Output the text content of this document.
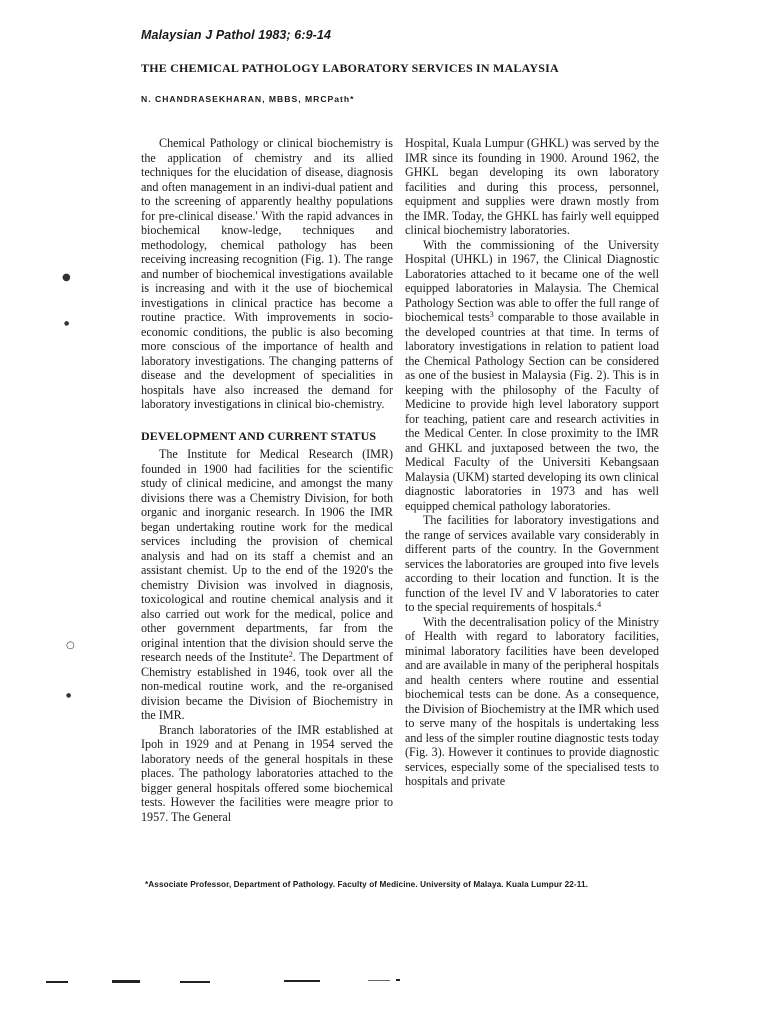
Malaysian J Pathol 1983; 6:9-14
THE CHEMICAL PATHOLOGY LABORATORY SERVICES IN MALAYSIA
N. CHANDRASEKHARAN, MBBS, MRCPath*

Chemical Pathology or clinical biochemistry is the application of chemistry and its allied techniques for the elucidation of disease, diagnosis and often management in an indivi-dual patient and to the screening of apparently healthy populations for pre-clinical disease.' With the rapid advances in biochemical know-ledge, techniques and methodology, chemical pathology has been receiving increasing recognition (Fig. 1). The range and number of biochemical investigations available is increasing and with it the use of biochemical investigations in clinical practice has become a routine practice. With improvements in socio-economic conditions, the public is also becoming more conscious of the importance of health and laboratory investigations. The changing patterns of disease and the development of specialities in hospitals have also increased the demand for laboratory investigations in clinical bio-chemistry.

DEVELOPMENT AND CURRENT STATUS

The Institute for Medical Research (IMR) founded in 1900 had facilities for the scientific study of clinical medicine, and amongst the many divisions there was a Chemistry Division, for both organic and inorganic research. In 1906 the IMR began undertaking routine work for the medical services including the provision of chemical analysis and had on its staff a chemist and an assistant chemist. Up to the end of the 1920's the chemistry Division was involved in diagnosis, toxicological and routine chemical analysis and it also carried out work for the medical, police and other government departments, far from the original intention that the division should serve the research needs of the Institute$^2$. The Department of Chemistry established in 1946, took over all the non-medical routine work, and the re-organised division became the Division of Biochemistry in the IMR.

Branch laboratories of the IMR established at Ipoh in 1929 and at Penang in 1954 served the laboratory needs of the general hospitals in these places. The pathology laboratories attached to the bigger general hospitals offered some biochemical tests. However the facilities were meagre prior to 1957. The General

Hospital, Kuala Lumpur (GHKL) was served by the IMR since its founding in 1900. Around 1962, the GHKL began developing its own laboratory facilities and during this process, personnel, equipment and supplies were drawn mostly from the IMR. Today, the GHKL has fairly well equipped clinical biochemistry laboratories.

With the commissioning of the University Hospital (UHKL) in 1967, the Clinical Diagnostic Laboratories attached to it became one of the well equipped laboratories in Malaysia. The Chemical Pathology Section was able to offer the full range of biochemical tests$^3$ comparable to those available in the developed countries at that time. In terms of laboratory investigations in relation to patient load the Chemical Pathology Section can be considered as one of the busiest in Malaysia (Fig. 2). This is in keeping with the philosophy of the Faculty of Medicine to provide high level laboratory support for teaching, patient care and research activities in the Medical Center. In close proximity to the IMR and GHKL and juxtaposed between the two, the Medical Faculty of the Universiti Kebangsaan Malaysia (UKM) started developing its own clinical diagnostic laboratories in 1973 and has well equipped chemical pathology laboratories.

The facilities for laboratory investigations and the range of services available vary considerably in different parts of the country. In the Government services the laboratories are grouped into five levels according to their location and function. It is the function of the level IV and V laboratories to cater to the special requirements of hospitals.$^4$

With the decentralisation policy of the Ministry of Health with regard to laboratory facilities, minimal laboratory facilities have been developed and are available in many of the peripheral hospitals and health centers where routine and essential biochemical tests can be done. As a consequence, the Division of Biochemistry at the IMR which used to serve many of the hospitals is undertaking less and less of the simpler routine diagnostic tests today (Fig. 3). However it continues to provide diagnostic services, especially some of the specialised tests to hospitals and private

*Associate Professor, Department of Pathology. Faculty of Medicine. University of Malaya. Kuala Lumpur 22-11.
●
●
○
●
